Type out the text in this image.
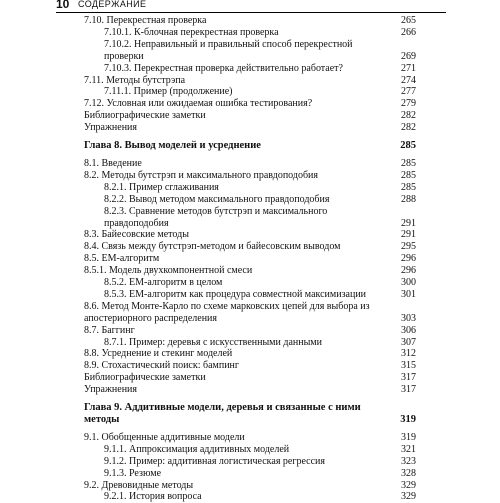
10 СОДЕРЖАНИЕ
7.10. Перекрестная проверка	265
7.10.1. К-блочная перекрестная проверка	266
7.10.2. Неправильный и правильный способ перекрестной проверки	269
7.10.3. Перекрестная проверка действительно работает?	271
7.11. Методы бутстрэпа	274
7.11.1. Пример (продолжение)	277
7.12. Условная или ожидаемая ошибка тестирования?	279
Библиографические заметки	282
Упражнения	282
Глава 8. Вывод моделей и усреднение	285
8.1. Введение	285
8.2. Методы бутстрэп и максимального правдоподобия	285
8.2.1. Пример сглаживания	285
8.2.2. Вывод методом максимального правдоподобия	288
8.2.3. Сравнение методов бутстрэп и максимального правдоподобия	291
8.3. Байесовские методы	291
8.4. Связь между бутстрэп-методом и байесовским выводом	295
8.5. EM-алгоритм	296
8.5.1. Модель двухкомпонентной смеси	296
8.5.2. EM-алгоритм в целом	300
8.5.3. EM-алгоритм как процедура совместной максимизации	301
8.6. Метод Монте-Карло по схеме марковских цепей для выбора из апостериорного распределения	303
8.7. Баггинг	306
8.7.1. Пример: деревья с искусственными данными	307
8.8. Усреднение и стекинг моделей	312
8.9. Стохастический поиск: бампинг	315
Библиографические заметки	317
Упражнения	317
Глава 9. Аддитивные модели, деревья и связанные с ними методы	319
9.1. Обобщенные аддитивные модели	319
9.1.1. Аппроксимация аддитивных моделей	321
9.1.2. Пример: аддитивная логистическая регрессия	323
9.1.3. Резюме	328
9.2. Древовидные методы	329
9.2.1. История вопроса	329
